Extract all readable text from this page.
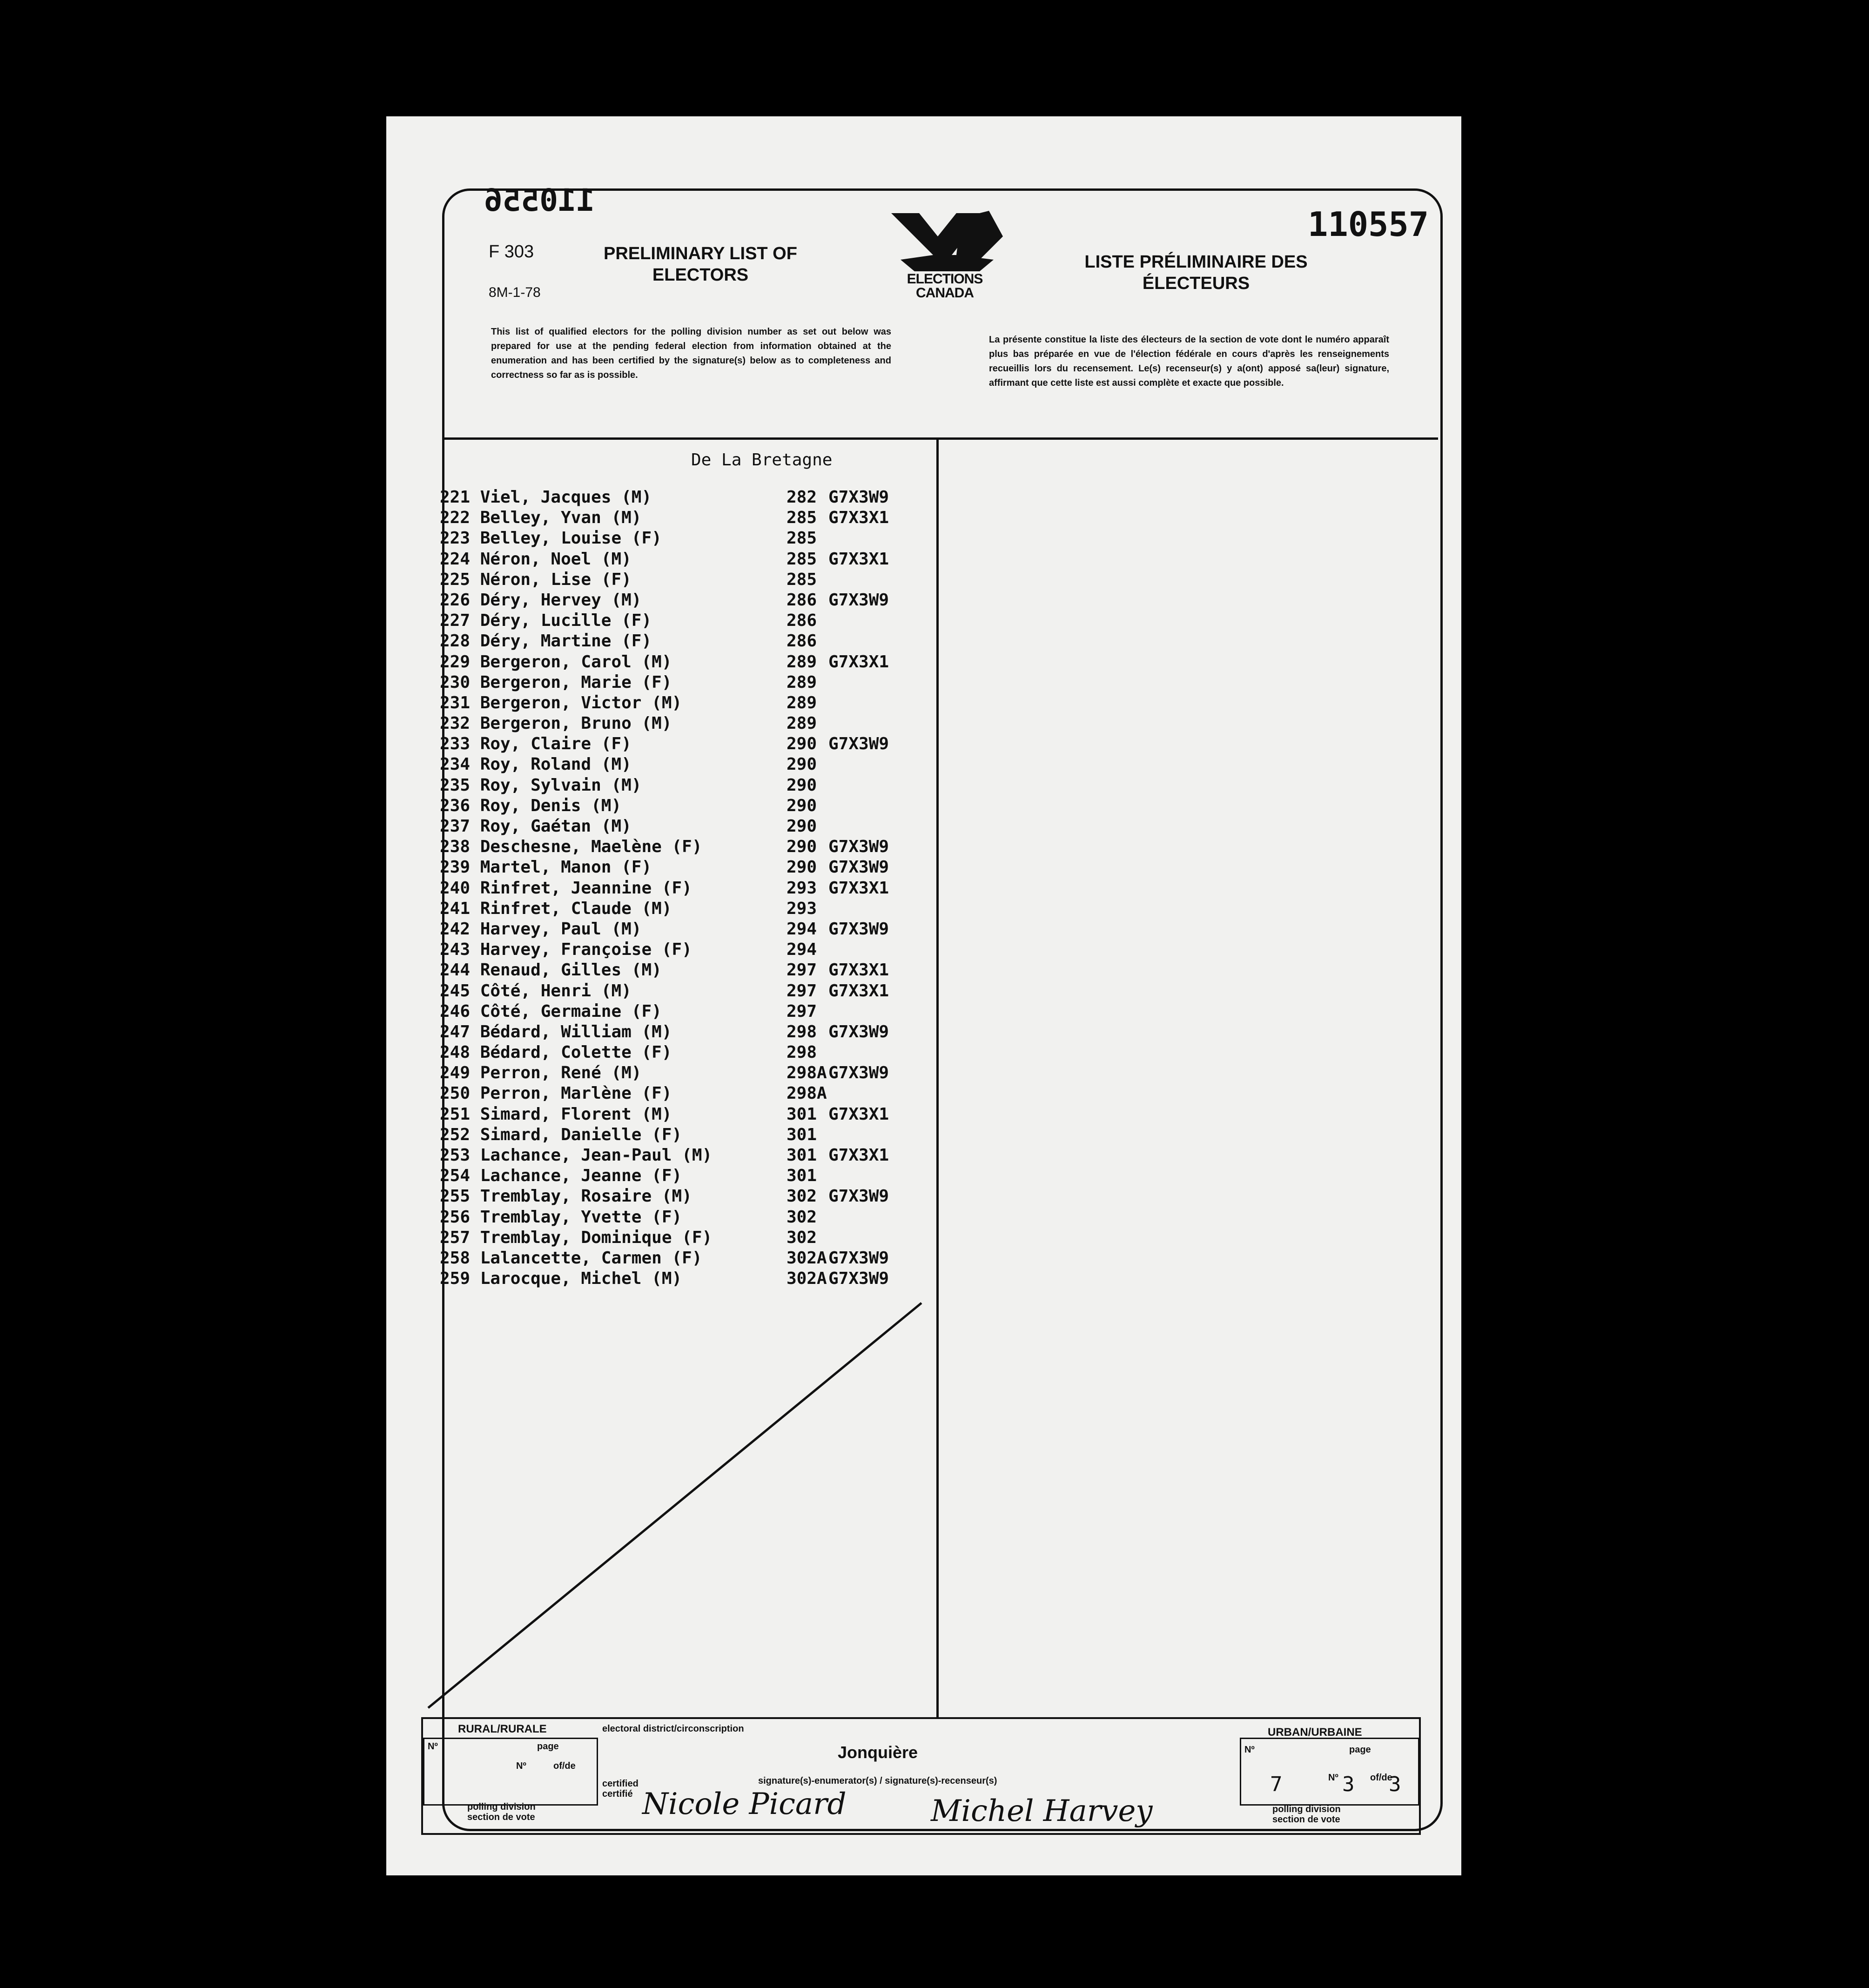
110556
110557
F 303
8M-1-78
PRELIMINARY LIST OF
ELECTORS
LISTE PRÉLIMINAIRE DES
ÉLECTEURS
ELECTIONS
CANADA
This list of qualified electors for the polling division number as set out below was prepared for use at the pending federal election from information obtained at the enumeration and has been certified by the signature(s) below as to completeness and correctness so far as is possible.
La présente constitue la liste des électeurs de la section de vote dont le numéro apparaît plus bas préparée en vue de l'élection fédérale en cours d'après les renseignements recueillis lors du recensement. Le(s) recenseur(s) y a(ont) apposé sa(leur) signature, affirmant que cette liste est aussi complète et exacte que possible.
De La Bretagne
221 Viel, Jacques (M)	282 G7X3W9
222 Belley, Yvan (M)	285 G7X3X1
223 Belley, Louise (F)	285
224 Néron, Noel (M)	285 G7X3X1
225 Néron, Lise (F)	285
226 Déry, Hervey (M)	286 G7X3W9
227 Déry, Lucille (F)	286
228 Déry, Martine (F)	286
229 Bergeron, Carol (M)	289 G7X3X1
230 Bergeron, Marie (F)	289
231 Bergeron, Victor (M)	289
232 Bergeron, Bruno (M)	289
233 Roy, Claire (F)	290 G7X3W9
234 Roy, Roland (M)	290
235 Roy, Sylvain (M)	290
236 Roy, Denis (M)	290
237 Roy, Gaétan (M)	290
238 Deschesne, Maelène (F)	290 G7X3W9
239 Martel, Manon (F)	290 G7X3W9
240 Rinfret, Jeannine (F)	293 G7X3X1
241 Rinfret, Claude (M)	293
242 Harvey, Paul (M)	294 G7X3W9
243 Harvey, Françoise (F)	294
244 Renaud, Gilles (M)	297 G7X3X1
245 Côté, Henri (M)	297 G7X3X1
246 Côté, Germaine (F)	297
247 Bédard, William (M)	298 G7X3W9
248 Bédard, Colette (F)	298
249 Perron, René (M)	298A G7X3W9
250 Perron, Marlène (F)	298A
251 Simard, Florent (M)	301 G7X3X1
252 Simard, Danielle (F)	301
253 Lachance, Jean-Paul (M)	301 G7X3X1
254 Lachance, Jeanne (F)	301
255 Tremblay, Rosaire (M)	302 G7X3W9
256 Tremblay, Yvette (F)	302
257 Tremblay, Dominique (F)	302
258 Lalancette, Carmen (F)	302A G7X3W9
259 Larocque, Michel (M)	302A G7X3W9
RURAL/RURALE	electoral district/circonscription	URBAN/URBAINE
Nº	page
Nº	of/de
polling division
section de vote
certified
certifié
signature(s)-enumerator(s) / signature(s)-recenseur(s)
Nº	page
Nº	of/de
7	3 3
polling division
section de vote
Jonquière
Nicole Picard	Michel Harvey
